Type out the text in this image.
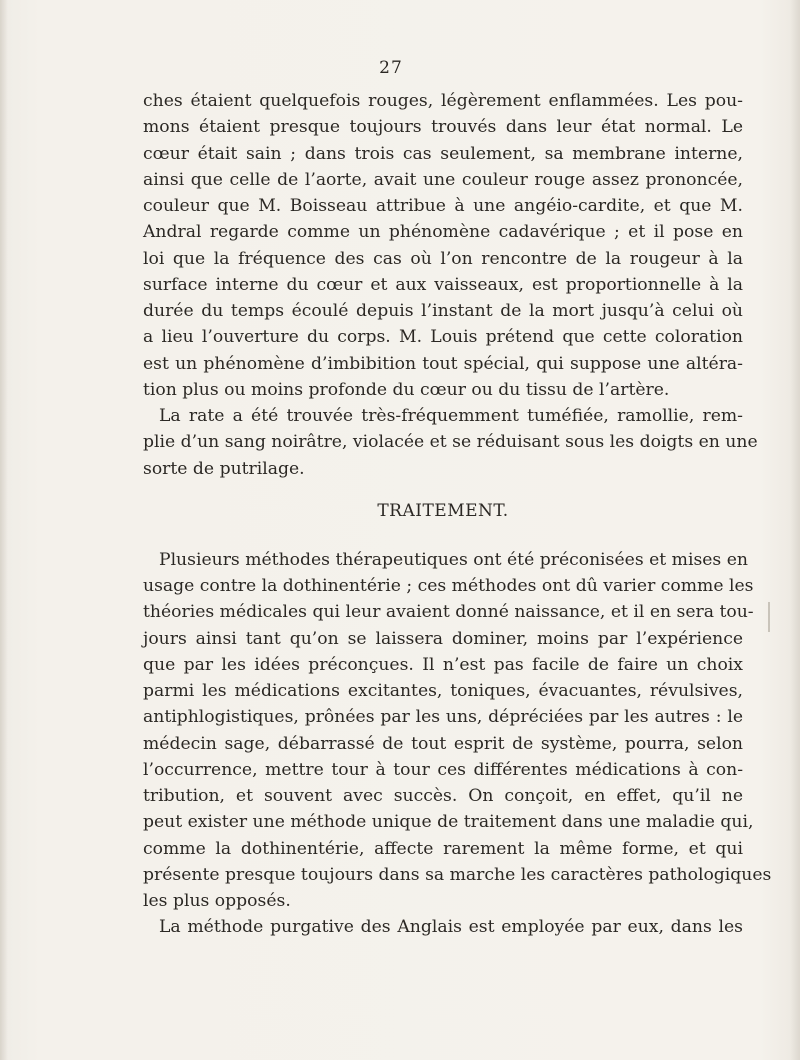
27
ches étaient quelquefois rouges, légèrement enflammées. Les pou-
mons étaient presque toujours trouvés dans leur état normal. Le
cœur était sain ; dans trois cas seulement, sa membrane interne,
ainsi que celle de l’aorte, avait une couleur rouge assez prononcée,
couleur que M. Boisseau attribue à une angéio-cardite, et que M.
Andral regarde comme un phénomène cadavérique ; et il pose en
loi que la fréquence des cas où l’on rencontre de la rougeur à la
surface interne du cœur et aux vaisseaux, est proportionnelle à la
durée du temps écoulé depuis l’instant de la mort jusqu’à celui où
a lieu l’ouverture du corps. M. Louis prétend que cette coloration
est un phénomène d’imbibition tout spécial, qui suppose une altéra-
tion plus ou moins profonde du cœur ou du tissu de l’artère.
La rate a été trouvée très-fréquemment tuméfiée, ramollie, rem-
plie d’un sang noirâtre, violacée et se réduisant sous les doigts en une
sorte de putrilage.
TRAITEMENT.
Plusieurs méthodes thérapeutiques ont été préconisées et mises en
usage contre la dothinentérie ; ces méthodes ont dû varier comme les
théories médicales qui leur avaient donné naissance, et il en sera tou-
jours ainsi tant qu’on se laissera dominer, moins par l’expérience
que par les idées préconçues. Il n’est pas facile de faire un choix
parmi les médications excitantes, toniques, évacuantes, révulsives,
antiphlogistiques, prônées par les uns, dépréciées par les autres : le
médecin sage, débarrassé de tout esprit de système, pourra, selon
l’occurrence, mettre tour à tour ces différentes médications à con-
tribution, et souvent avec succès. On conçoit, en effet, qu’il ne
peut exister une méthode unique de traitement dans une maladie qui,
comme la dothinentérie, affecte rarement la même forme, et qui
présente presque toujours dans sa marche les caractères pathologiques
les plus opposés.
La méthode purgative des Anglais est employée par eux, dans les
